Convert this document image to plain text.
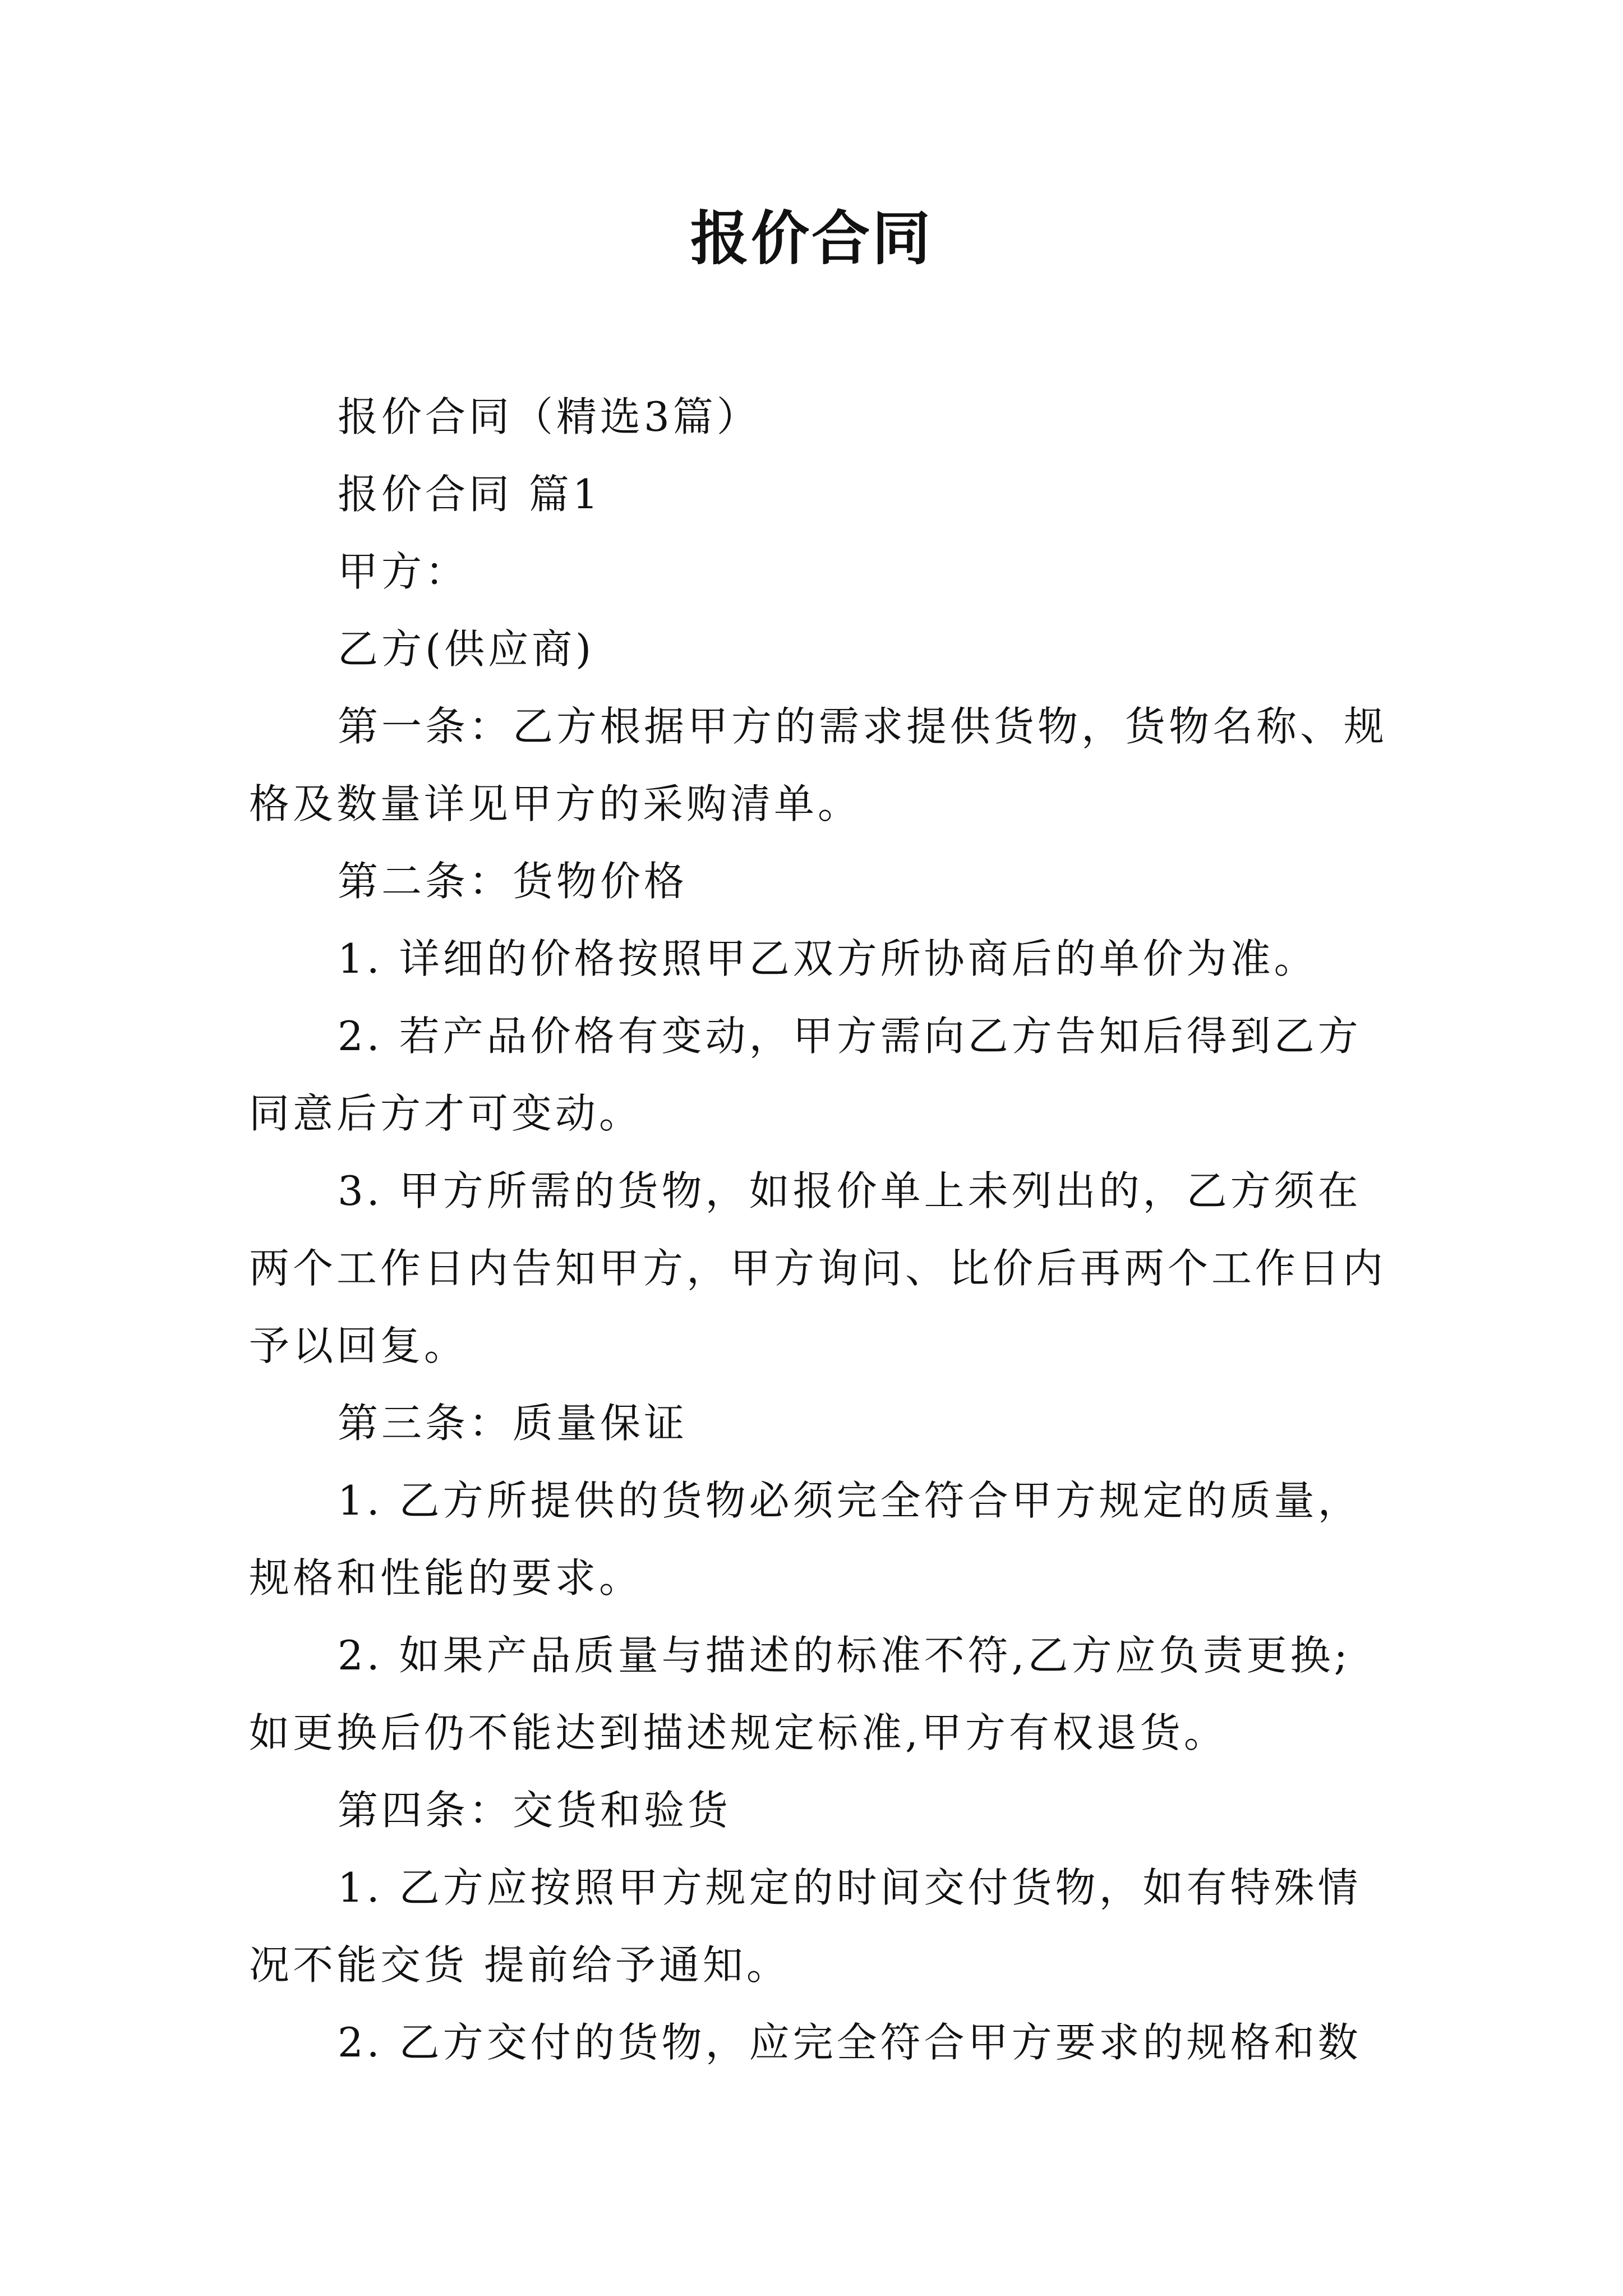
报价合同

报价合同（精选3篇）

报价合同 篇1

甲方：

乙方(供应商)

第一条：乙方根据甲方的需求提供货物，货物名称、规

格及数量详见甲方的采购清单。

第二条：货物价格

1. 详细的价格按照甲乙双方所协商后的单价为准。

2. 若产品价格有变动，甲方需向乙方告知后得到乙方

同意后方才可变动。

3. 甲方所需的货物，如报价单上未列出的，乙方须在

两个工作日内告知甲方，甲方询问、比价后再两个工作日内

予以回复。

第三条：质量保证

1. 乙方所提供的货物必须完全符合甲方规定的质量，

规格和性能的要求。

2. 如果产品质量与描述的标准不符,乙方应负责更换;

如更换后仍不能达到描述规定标准,甲方有权退货。

第四条：交货和验货

1. 乙方应按照甲方规定的时间交付货物，如有特殊情

况不能交货 提前给予通知。

2. 乙方交付的货物，应完全符合甲方要求的规格和数
